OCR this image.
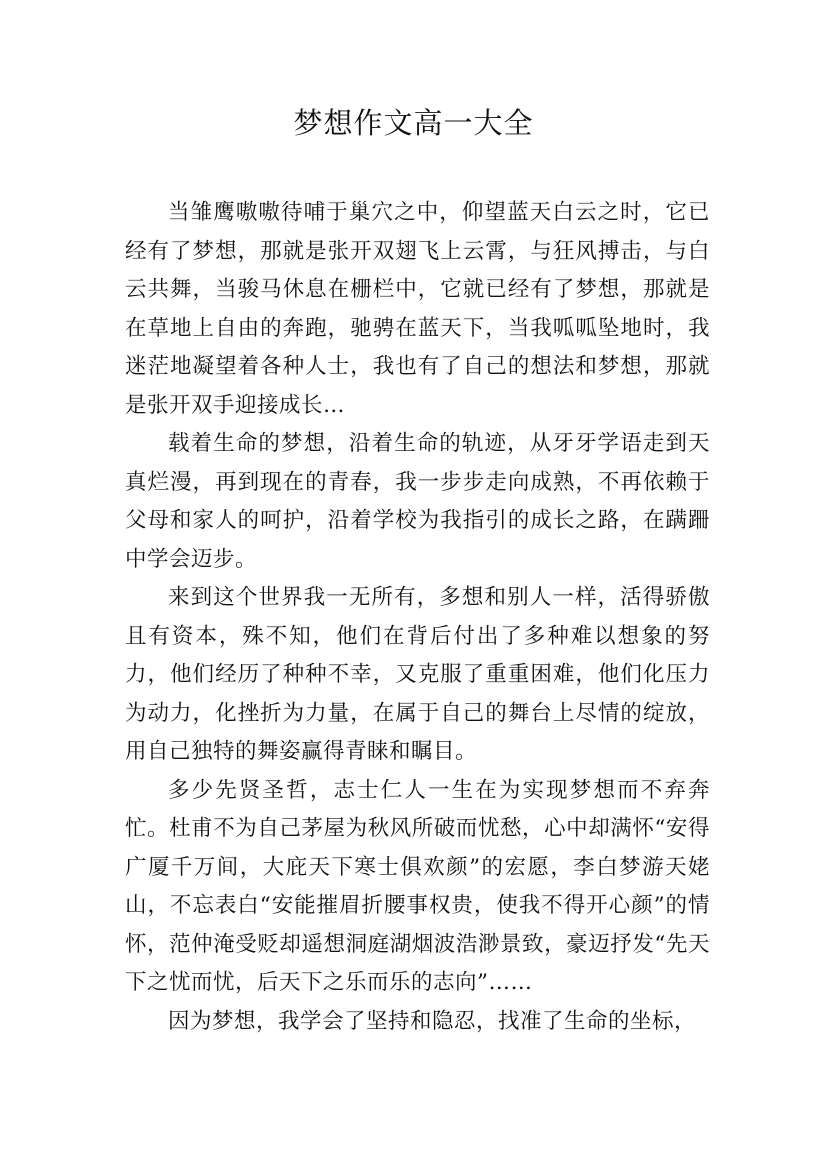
梦想作文高一大全

当雏鹰嗷嗷待哺于巢穴之中，仰望蓝天白云之时，它已经有了梦想，那就是张开双翅飞上云霄，与狂风搏击，与白云共舞，当骏马休息在栅栏中，它就已经有了梦想，那就是在草地上自由的奔跑，驰骋在蓝天下，当我呱呱坠地时，我迷茫地凝望着各种人士，我也有了自己的想法和梦想，那就是张开双手迎接成长…

载着生命的梦想，沿着生命的轨迹，从牙牙学语走到天真烂漫，再到现在的青春，我一步步走向成熟，不再依赖于父母和家人的呵护，沿着学校为我指引的成长之路，在蹒跚中学会迈步。

来到这个世界我一无所有，多想和别人一样，活得骄傲且有资本，殊不知，他们在背后付出了多种难以想象的努力，他们经历了种种不幸，又克服了重重困难，他们化压力为动力，化挫折为力量，在属于自己的舞台上尽情的绽放，用自己独特的舞姿赢得青睐和瞩目。

多少先贤圣哲，志士仁人一生在为实现梦想而不弃奔忙。杜甫不为自己茅屋为秋风所破而忧愁，心中却满怀“安得广厦千万间，大庇天下寒士俱欢颜”的宏愿，李白梦游天姥山，不忘表白“安能摧眉折腰事权贵，使我不得开心颜”的情怀，范仲淹受贬却遥想洞庭湖烟波浩渺景致，豪迈抒发“先天下之忧而忧，后天下之乐而乐的志向”……

因为梦想，我学会了坚持和隐忍，找准了生命的坐标，
